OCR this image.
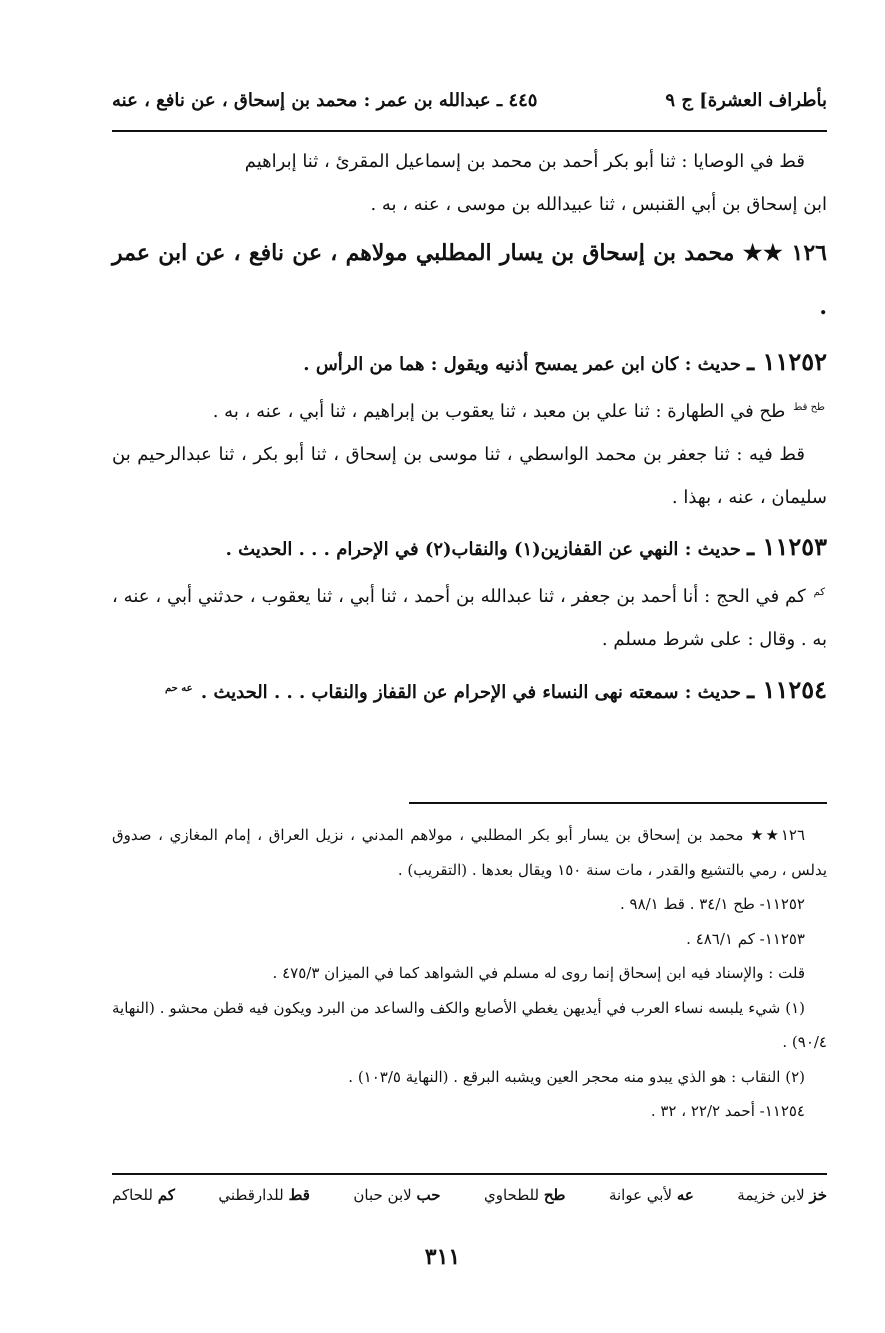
بأطراف العشرة] ج ٩
٤٤٥ ـ عبدالله بن عمر : محمد بن إسحاق ، عن نافع ، عنه

قط في الوصايا : ثنا أبو بكر أحمد بن محمد بن إسماعيل المقرئ ، ثنا إبراهيم

ابن إسحاق بن أبي القنبس ، ثنا عبيدالله بن موسى ، عنه ، به .

١٢٦ ★★ محمد بن إسحاق بن يسار المطلبي مولاهم ، عن نافع ، عن ابن عمر .

١١٢٥٢ ـ حديث : كان ابن عمر يمسح أذنيه ويقول : هما من الرأس .

$^{طح قط}$ طح في الطهارة : ثنا علي بن معبد ، ثنا يعقوب بن إبراهيم ، ثنا أبي ، عنه ، به .

قط فيه : ثنا جعفر بن محمد الواسطي ، ثنا موسى بن إسحاق ، ثنا أبو بكر ، ثنا عبدالرحيم بن سليمان ، عنه ، بهذا .

١١٢٥٣ ـ حديث : النهي عن القفازين(١) والنقاب(٢) في الإحرام . . . الحديث .

$^{كم}$ كم في الحج : أنا أحمد بن جعفر ، ثنا عبدالله بن أحمد ، ثنا أبي ، ثنا يعقوب ، حدثني أبي ، عنه ، به . وقال : على شرط مسلم .

١١٢٥٤ ـ حديث : سمعته نهى النساء في الإحرام عن القفاز والنقاب . . . الحديث . $^{عه حم}$

١٢٦★★ محمد بن إسحاق بن يسار أبو بكر المطلبي ، مولاهم المدني ، نزيل العراق ، إمام المغازي ، صدوق يدلس ، رمي بالتشيع والقدر ، مات سنة ١٥٠ ويقال بعدها . (التقريب) .

١١٢٥٢- طح ٣٤/١ . قط ٩٨/١ .

١١٢٥٣- كم ٤٨٦/١ .

قلت : والإسناد فيه ابن إسحاق إنما روى له مسلم في الشواهد كما في الميزان ٤٧٥/٣ .

(١) شيء يلبسه نساء العرب في أيديهن يغطي الأصابع والكف والساعد من البرد ويكون فيه قطن محشو . (النهاية ٩٠/٤) .

(٢) النقاب : هو الذي يبدو منه محجر العين ويشبه البرقع . (النهاية ١٠٣/٥) .

١١٢٥٤- أحمد ٢٢/٢ ، ٣٢ .

خز لابن خزيمة
عه لأبي عوانة
طح للطحاوي
حب لابن حبان
قط للدارقطني
كم للحاكم
٣١١
